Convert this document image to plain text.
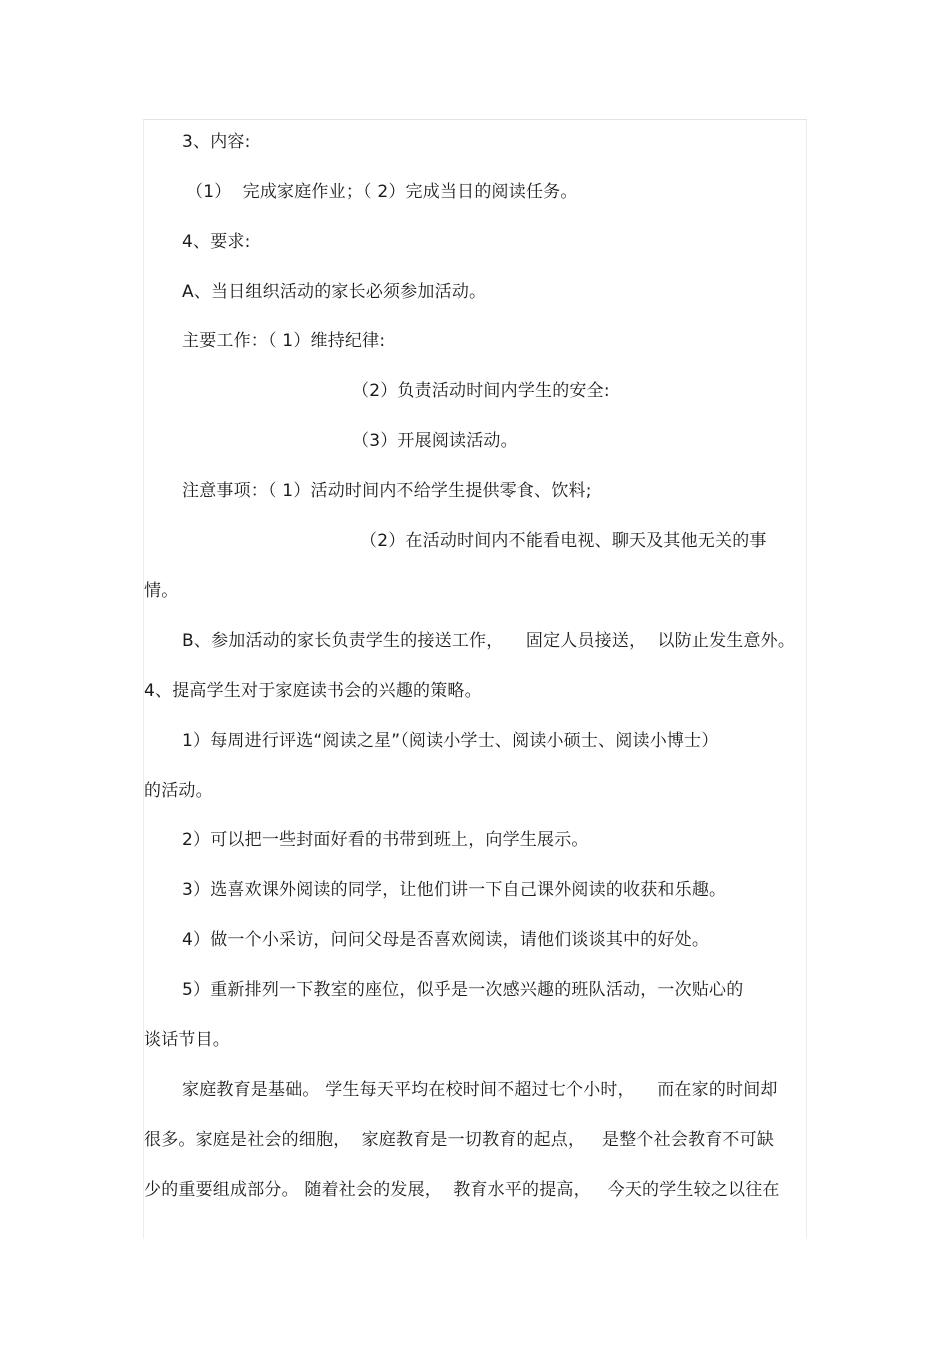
3、内容:
（1）  完成家庭作业；（ 2）完成当日的阅读任务。
4、要求:
A、当日组织活动的家长必须参加活动。
主要工作：（ 1）维持纪律:
（2）负责活动时间内学生的安全:
（3）开展阅读活动。
注意事项：（ 1）活动时间内不给学生提供零食、饮料;
（2）在活动时间内不能看电视、聊天及其他无关的事
情。
B、参加活动的家长负责学生的接送工作，    固定人员接送，  以防止发生意外。
4、提高学生对于家庭读书会的兴趣的策略。
1）每周进行评选“阅读之星”（阅读小学士、阅读小硕士、阅读小博士）
的活动。
2）可以把一些封面好看的书带到班上，向学生展示。
3）选喜欢课外阅读的同学，让他们讲一下自己课外阅读的收获和乐趣。
4）做一个小采访，问问父母是否喜欢阅读，请他们谈谈其中的好处。
5）重新排列一下教室的座位，似乎是一次感兴趣的班队活动，一次贴心的
谈话节目。
家庭教育是基础。 学生每天平均在校时间不超过七个小时，    而在家的时间却
很多。家庭是社会的细胞，  家庭教育是一切教育的起点，   是整个社会教育不可缺
少的重要组成部分。 随着社会的发展，  教育水平的提高，   今天的学生较之以往在
